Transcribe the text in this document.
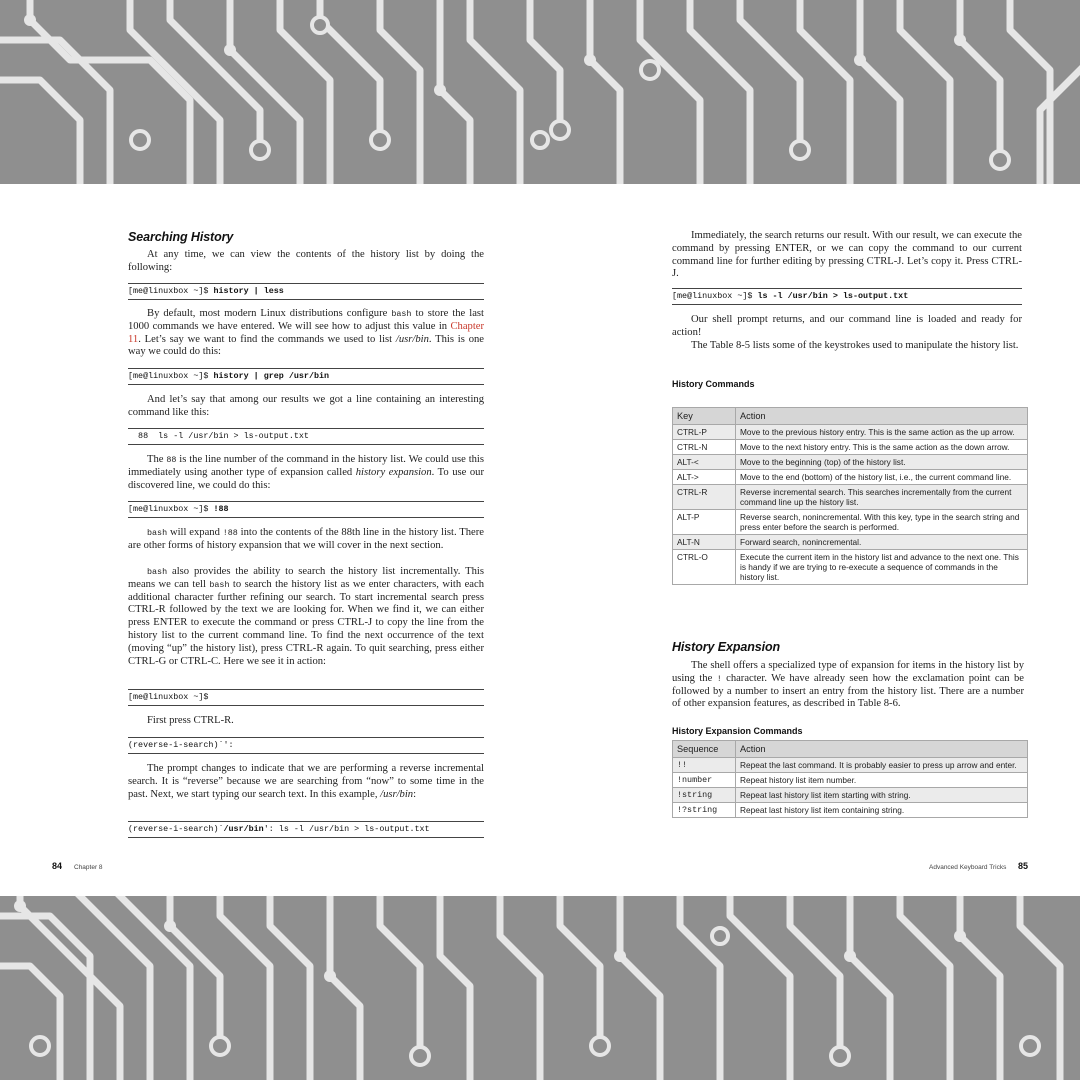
Searching History

At any time, we can view the contents of the history list by doing the following:

[me@linuxbox ~]$ history | less

By default, most modern Linux distributions configure bash to store the last 1000 commands we have entered. We will see how to adjust this value in Chapter 11. Let’s say we want to find the commands we used to list /usr/bin. This is one way we could do this:

[me@linuxbox ~]$ history | grep /usr/bin

And let’s say that among our results we got a line containing an interesting command like this:

88  ls -l /usr/bin > ls-output.txt

The 88 is the line number of the command in the history list. We could use this immediately using another type of expansion called history expansion. To use our discovered line, we could do this:

[me@linuxbox ~]$ !88

bash will expand !88 into the contents of the 88th line in the history list. There are other forms of history expansion that we will cover in the next section.

bash also provides the ability to search the history list incrementally. This means we can tell bash to search the history list as we enter characters, with each additional character further refining our search. To start incremental search press CTRL-R followed by the text we are looking for. When we find it, we can either press ENTER to execute the command or press CTRL-J to copy the line from the history list to the current command line. To find the next occurrence of the text (moving “up” the history list), press CTRL-R again. To quit searching, press either CTRL-G or CTRL-C. Here we see it in action:

[me@linuxbox ~]$

First press CTRL-R.

(reverse-i-search)`':

The prompt changes to indicate that we are performing a reverse incremental search. It is “reverse” because we are searching from “now” to some time in the past. Next, we start typing our search text. In this example, /usr/bin:

(reverse-i-search)`/usr/bin': ls -l /usr/bin > ls-output.txt
84 Chapter 8

Immediately, the search returns our result. With our result, we can execute the command by pressing ENTER, or we can copy the command to our current command line for further editing by pressing CTRL-J. Let’s copy it. Press CTRL-J.

[me@linuxbox ~]$ ls -l /usr/bin > ls-output.txt

Our shell prompt returns, and our command line is loaded and ready for action!

The Table 8-5 lists some of the keystrokes used to manipulate the history list.

History Commands
Key	Action
CTRL-P	Move to the previous history entry. This is the same action as the up arrow.
CTRL-N	Move to the next history entry. This is the same action as the down arrow.
ALT-<	Move to the beginning (top) of the history list.
ALT->	Move to the end (bottom) of the history list, i.e., the current command line.
CTRL-R	Reverse incremental search. This searches incrementally from the current command line up the history list.
ALT-P	Reverse search, nonincremental. With this key, type in the search string and press enter before the search is performed.
ALT-N	Forward search, nonincremental.
CTRL-O	Execute the current item in the history list and advance to the next one. This is handy if we are trying to re-execute a sequence of commands in the history list.
History Expansion

The shell offers a specialized type of expansion for items in the history list by using the ! character. We have already seen how the exclamation point can be followed by a number to insert an entry from the history list. There are a number of other expansion features, as described in Table 8-6.

History Expansion Commands
Sequence	Action
!!	Repeat the last command. It is probably easier to press up arrow and enter.
!number	Repeat history list item number.
!string	Repeat last history list item starting with string.
!?string	Repeat last history list item containing string.
Advanced Keyboard Tricks 85
